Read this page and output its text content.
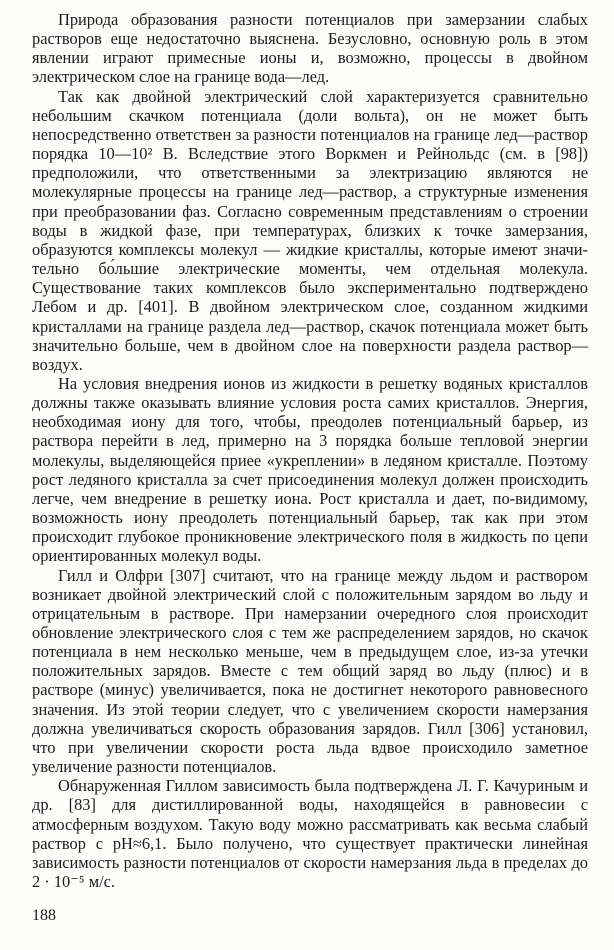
Природа образования разности потенциалов при замерзании слабых растворов еще недостаточно выяснена. Безусловно, основную роль в этом явлении играют примесные ионы и, возможно, процессы в двойном электрическом слое на границе вода—лед.

Так как двойной электрический слой характеризуется сравнительно небольшим скачком потенциала (доли вольта), он не может быть непосредственно ответствен за разности потенциалов на границе лед—раствор порядка 10—10² В. Вследствие этого Воркмен и Рейнольдс (см. в [98]) предположили, что ответственными за электризацию являются не молекулярные процессы на границе лед—раствор, а структурные изменения при преобразовании фаз. Согласно современным представлениям о строении воды в жидкой фазе, при температурах, близких к точке замерзания, образуются комплексы молекул — жидкие кристаллы, которые имеют значительно бо́льшие электрические моменты, чем отдельная молекула. Существование таких комплексов было экспериментально подтверждено Лебом и др. [401]. В двойном электрическом слое, созданном жидкими кристаллами на границе раздела лед—раствор, скачок потенциала может быть значительно больше, чем в двойном слое на поверхности раздела раствор—воздух.

На условия внедрения ионов из жидкости в решетку водяных кристаллов должны также оказывать влияние условия роста самих кристаллов. Энергия, необходимая иону для того, чтобы, преодолев потенциальный барьер, из раствора перейти в лед, примерно на 3 порядка больше тепловой энергии молекулы, выделяющейся приее «укреплении» в ледяном кристалле. Поэтому рост ледяного кристалла за счет присоединения молекул должен происходить легче, чем внедрение в решетку иона. Рост кристалла и дает, по-видимому, возможность иону преодолеть потенциальный барьер, так как при этом происходит глубокое проникновение электрического поля в жидкость по цепи ориентированных молекул воды.

Гилл и Олфри [307] считают, что на границе между льдом и раствором возникает двойной электрический слой с положительным зарядом во льду и отрицательным в растворе. При намерзании очередного слоя происходит обновление электрического слоя с тем же распределением зарядов, но скачок потенциала в нем несколько меньше, чем в предыдущем слое, из-за утечки положительных зарядов. Вместе с тем общий заряд во льду (плюс) и в растворе (минус) увеличивается, пока не достигнет некоторого равновесного значения. Из этой теории следует, что с увеличением скорости намерзания должна увеличиваться скорость образования зарядов. Гилл [306] установил, что при увеличении скорости роста льда вдвое происходило заметное увеличение разности потенциалов.

Обнаруженная Гиллом зависимость была подтверждена Л. Г. Качуриным и др. [83] для дистиллированной воды, находящейся в равновесии с атмосферным воздухом. Такую воду можно рассматривать как весьма слабый раствор с pH≈6,1. Было получено, что существует практически линейная зависимость разности потенциалов от скорости намерзания льда в пределах до 2 · 10⁻⁵ м/с.

188
